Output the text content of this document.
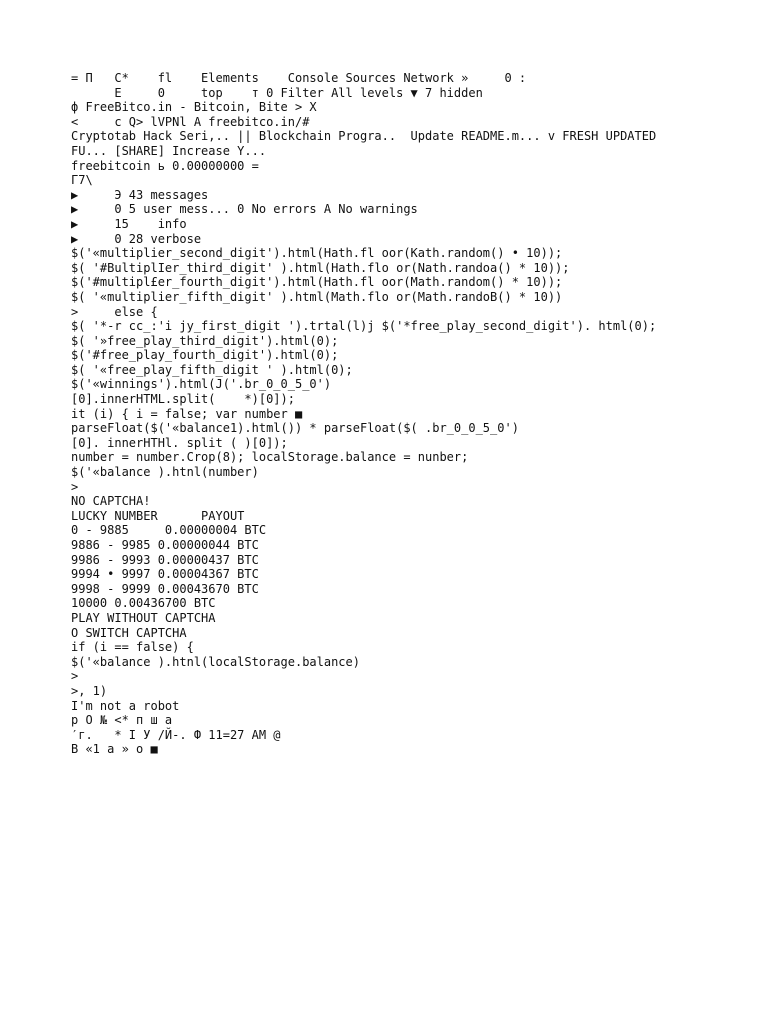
= П   C*    fl    Elements    Console Sources Network »     0 :
E     0     top    т 0 Filter All levels ▼ 7 hidden
ф FreeBitco.in - Bitcoin, Bite > X
<     c Q> lVPNl A freebitco.in/#
Cryptotab Hack Seri,.. || Blockchain Progra..  Update README.m... v FRESH UPDATED
FU... [SHARE] Increase Y...
freebitcoin ь 0.00000000 =
Г7\
▶     Э 43 messages
▶     0 5 user mess... 0 No errors A No warnings
▶     15    info
▶     0 28 verbose
$('«multiplier_second_digit').html(Hath.fl oor(Kath.random() • 10));
$( '#BultiplIer_third_digit' ).html(Hath.flo or(Nath.randoa() * 10));
$('#multipl£er_fourth_digit').html(Hath.fl oor(Math.random() * 10));
$( '«multiplier_fifth_digit' ).html(Math.flo or(Math.randoB() * 10))
>     else {
$( '*-r cc_:'i jy_first_digit ').trtal(l)j $('*free_play_second_digit'). html(0);
$( '»free_play_third_digit').html(0);
$('#free_play_fourth_digit').html(0);
$( '«free_play_fifth_digit ' ).html(0);
$('«winnings').html(J('.br_0_0_5_0')
[0].innerHTML.split(    *)[0]);
it (i) { i = false; var number ■
parseFloat($('«balance1).html()) * parseFloat($( .br_0_0_5_0')
[0]. innerHTHl. split ( )[0]);
number = number.Crop(8); localStorage.balance = nunber;
$('«balance ).htnl(number)
>
NO CAPTCHA!
LUCKY NUMBER      PAYOUT
0 - 9885     0.00000004 BTC
9886 - 9985 0.00000044 BTC
9986 - 9993 0.00000437 BTC
9994 • 9997 0.00004367 BTC
9998 - 9999 0.00043670 BTC
10000 0.00436700 BTC
PLAY WITHOUT CAPTCHA
O SWITCH CAPTCHA
if (i == false) {
$('«balance ).htnl(localStorage.balance)
>
>, 1)
I'm not a robot
р О № <* п ш а
′г.   * I У /Й-. Ф 11=27 AM @
В «1 а » о ■
